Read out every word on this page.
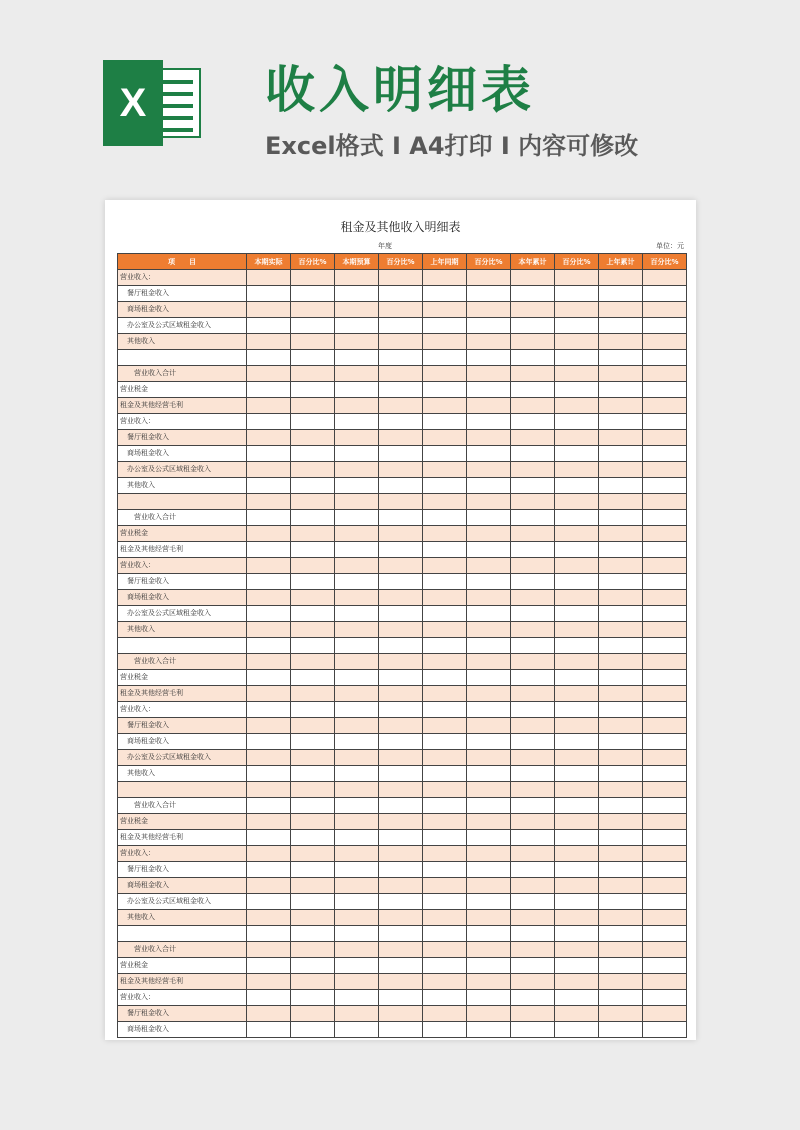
X	收入明细表
Excel格式 I A4打印 I 内容可修改
租金及其他收入明细表
年度	单位：元
项　　目	本期实际	百分比%	本期预算	百分比%	上年同期	百分比%	本年累计	百分比%	上年累计	百分比%
营业收入：										
餐厅租金收入										
商场租金收入										
办公室及公式区域租金收入										
其他收入										

营业收入合计										
营业税金										
租金及其他经营毛利										
营业收入：										
餐厅租金收入										
商场租金收入										
办公室及公式区域租金收入										
其他收入										

营业收入合计										
营业税金										
租金及其他经营毛利										
营业收入：										
餐厅租金收入										
商场租金收入										
办公室及公式区域租金收入										
其他收入										

营业收入合计										
营业税金										
租金及其他经营毛利										
营业收入：										
餐厅租金收入										
商场租金收入										
办公室及公式区域租金收入										
其他收入										

营业收入合计										
营业税金										
租金及其他经营毛利										
营业收入：										
餐厅租金收入										
商场租金收入										
办公室及公式区域租金收入										
其他收入										

营业收入合计										
营业税金										
租金及其他经营毛利										
营业收入：										
餐厅租金收入										
商场租金收入										
